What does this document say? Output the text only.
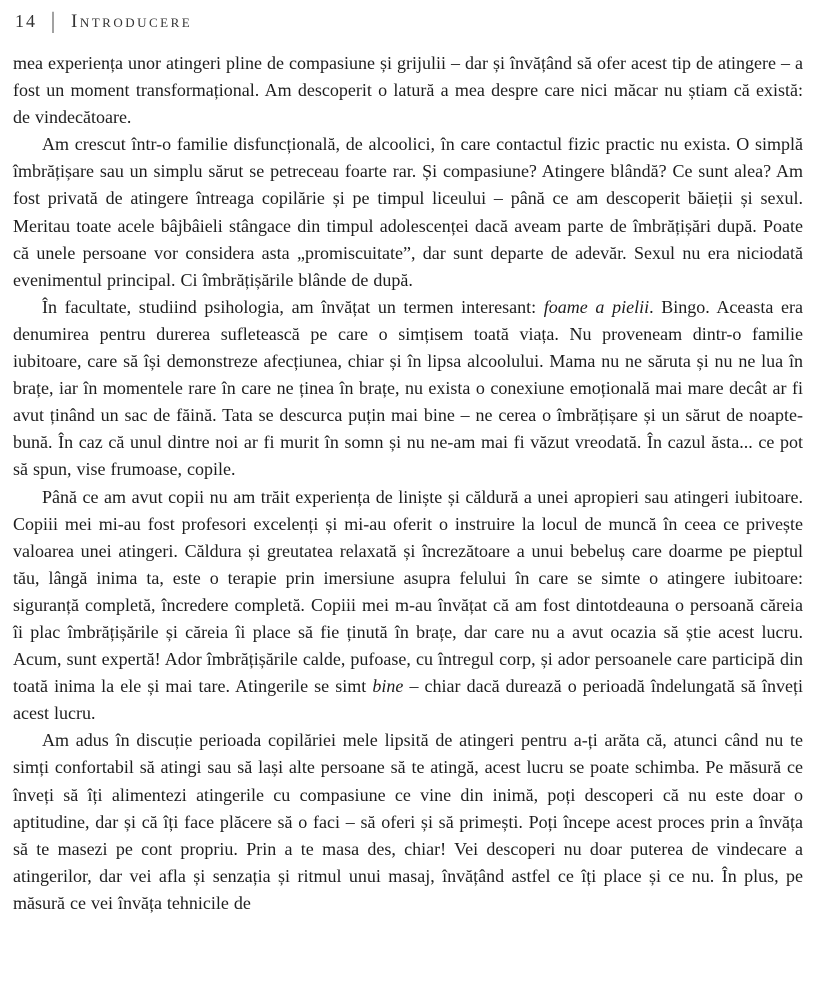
14 | Introducere

mea experiența unor atingeri pline de compasiune și grijulii – dar și învățând să ofer acest tip de atingere – a fost un moment transformațional. Am descoperit o latură a mea despre care nici măcar nu știam că există: de vindecătoare.

Am crescut într-o familie disfuncțională, de alcoolici, în care contactul fizic practic nu exista. O simplă îmbrățișare sau un simplu sărut se petreceau foarte rar. Și compasiune? Atingere blândă? Ce sunt alea? Am fost privată de atingere întreaga copilărie și pe timpul liceului – până ce am descoperit băieții și sexul. Meritau toate acele bâjbâieli stângace din timpul adolescenței dacă aveam parte de îmbrățișări după. Poate că unele persoane vor considera asta „promiscuitate”, dar sunt departe de adevăr. Sexul nu era niciodată evenimentul principal. Ci îmbrățișările blânde de după.

În facultate, studiind psihologia, am învățat un termen interesant: foame a pielii. Bingo. Aceasta era denumirea pentru durerea sufletească pe care o simțisem toată viața. Nu proveneam dintr-o familie iubitoare, care să își demonstreze afecțiunea, chiar și în lipsa alcoolului. Mama nu ne săruta și nu ne lua în brațe, iar în momentele rare în care ne ținea în brațe, nu exista o conexiune emoțională mai mare decât ar fi avut ținând un sac de făină. Tata se descurca puțin mai bine – ne cerea o îmbrățișare și un sărut de noapte-bună. În caz că unul dintre noi ar fi murit în somn și nu ne-am mai fi văzut vreodată. În cazul ăsta... ce pot să spun, vise frumoase, copile.

Până ce am avut copii nu am trăit experiența de liniște și căldură a unei apropieri sau atingeri iubitoare. Copiii mei mi-au fost profesori excelenți și mi-au oferit o instruire la locul de muncă în ceea ce privește valoarea unei atingeri. Căldura și greutatea relaxată și încrezătoare a unui bebeluș care doarme pe pieptul tău, lângă inima ta, este o terapie prin imersiune asupra felului în care se simte o atingere iubitoare: siguranță completă, încredere completă. Copiii mei m-au învățat că am fost dintotdeauna o persoană căreia îi plac îmbrățișările și căreia îi place să fie ținută în brațe, dar care nu a avut ocazia să știe acest lucru. Acum, sunt expertă! Ador îmbrățișările calde, pufoase, cu întregul corp, și ador persoanele care participă din toată inima la ele și mai tare. Atingerile se simt bine – chiar dacă durează o perioadă îndelungată să înveți acest lucru.

Am adus în discuție perioada copilăriei mele lipsită de atingeri pentru a-ți arăta că, atunci când nu te simți confortabil să atingi sau să lași alte persoane să te atingă, acest lucru se poate schimba. Pe măsură ce înveți să îți alimentezi atingerile cu compasiune ce vine din inimă, poți descoperi că nu este doar o aptitudine, dar și că îți face plăcere să o faci – să oferi și să primești. Poți începe acest proces prin a învăța să te masezi pe cont propriu. Prin a te masa des, chiar! Vei descoperi nu doar puterea de vindecare a atingerilor, dar vei afla și senzația și ritmul unui masaj, învățând astfel ce îți place și ce nu. În plus, pe măsură ce vei învăța tehnicile de
